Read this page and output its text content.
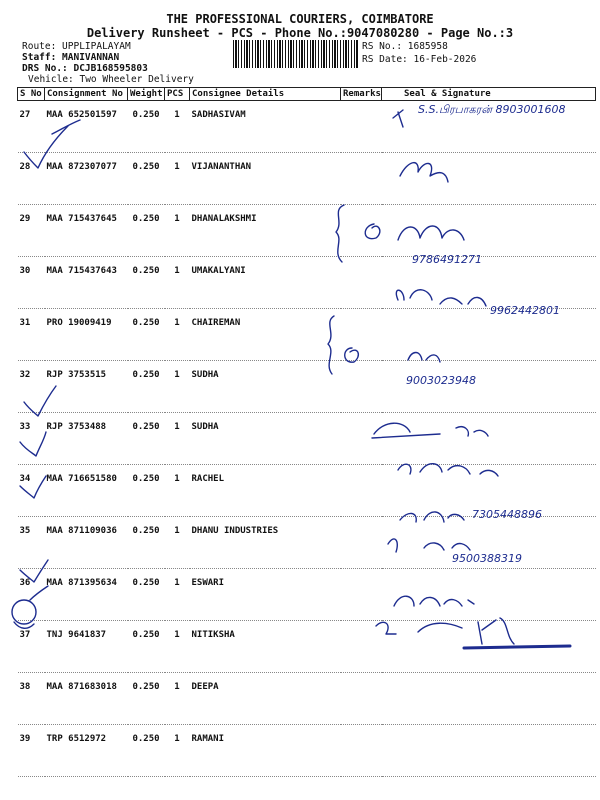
THE PROFESSIONAL COURIERS, COIMBATORE
Delivery Runsheet - PCS - Phone No.:9047080280 - Page No.:3
Route: UPPLIPALAYAM
Staff: MANIVANNAN
DRS No.: DCJB168595803
Vehicle: Two Wheeler Delivery
RS No.: 1685958
RS Date: 16-Feb-2026
S No	Consignment No	Weight	PCS	Consignee Details	Remarks	Seal & Signature
27	MAA 652501597	0.250	1	SADHASIVAM		
28	MAA 872307077	0.250	1	VIJANANTHAN		
29	MAA 715437645	0.250	1	DHANALAKSHMI		
30	MAA 715437643	0.250	1	UMAKALYANI		
31	PRO 19009419	0.250	1	CHAIREMAN		
32	RJP 3753515	0.250	1	SUDHA		
33	RJP 3753488	0.250	1	SUDHA		
34	MAA 716651580	0.250	1	RACHEL		
35	MAA 871109036	0.250	1	DHANU INDUSTRIES		
36	MAA 871395634	0.250	1	ESWARI		
37	TNJ 9641837	0.250	1	NITIKSHA		
38	MAA 871683018	0.250	1	DEEPA		
39	TRP 6512972	0.250	1	RAMANI		
S.S.பிரபாகரன் 8903001608
9786491271
9962442801
9003023948
7305448896
9500388319
